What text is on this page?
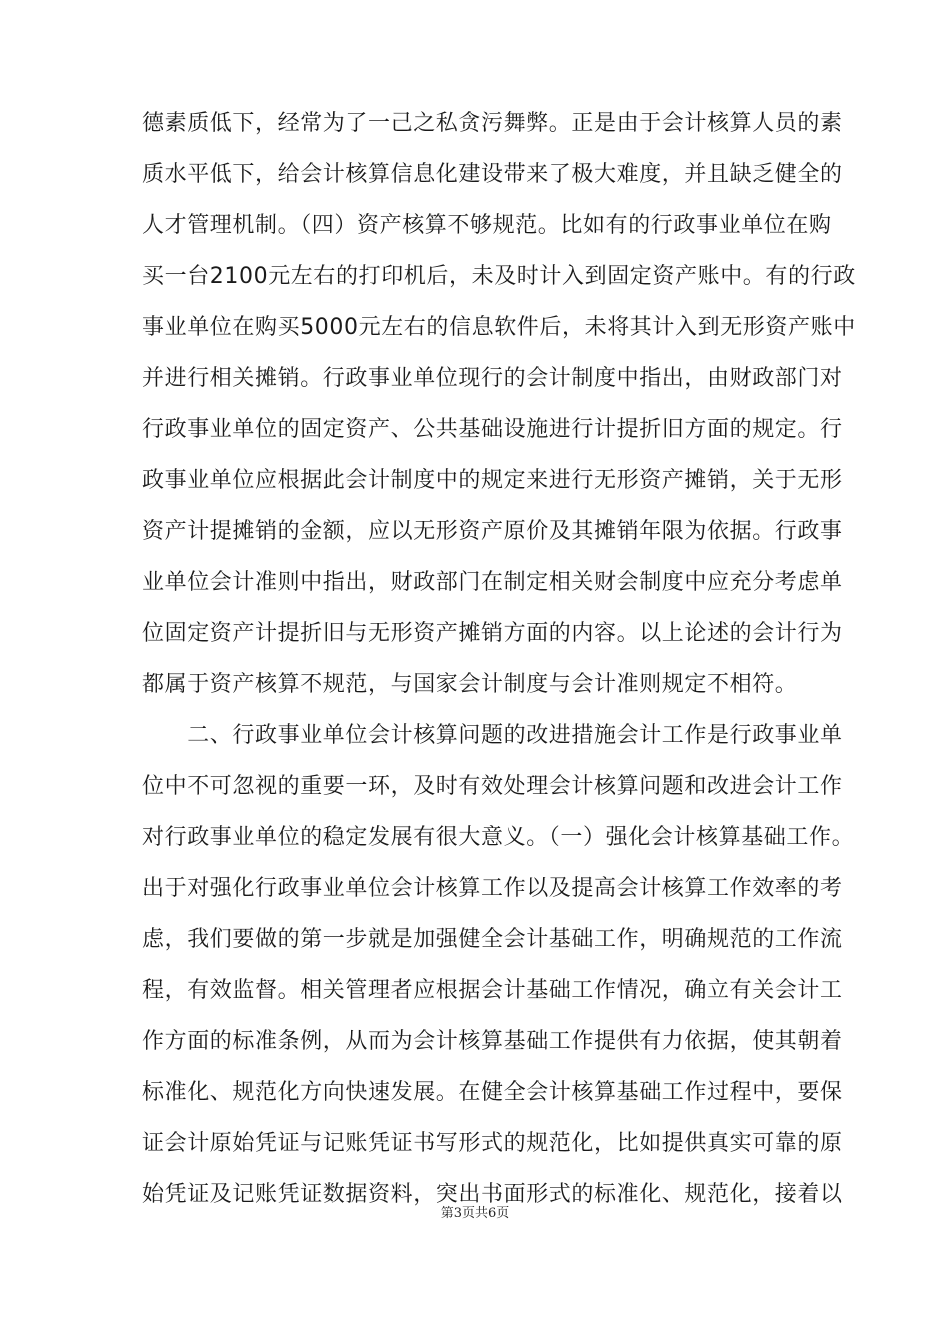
德素质低下，经常为了一己之私贪污舞弊。正是由于会计核算人员的素
质水平低下，给会计核算信息化建设带来了极大难度，并且缺乏健全的
人才管理机制。（四）资产核算不够规范。比如有的行政事业单位在购
买一台2100元左右的打印机后，未及时计入到固定资产账中。有的行政
事业单位在购买5000元左右的信息软件后，未将其计入到无形资产账中
并进行相关摊销。行政事业单位现行的会计制度中指出，由财政部门对
行政事业单位的固定资产、公共基础设施进行计提折旧方面的规定。行
政事业单位应根据此会计制度中的规定来进行无形资产摊销，关于无形
资产计提摊销的金额，应以无形资产原价及其摊销年限为依据。行政事
业单位会计准则中指出，财政部门在制定相关财会制度中应充分考虑单
位固定资产计提折旧与无形资产摊销方面的内容。以上论述的会计行为
都属于资产核算不规范，与国家会计制度与会计准则规定不相符。
　　二、行政事业单位会计核算问题的改进措施会计工作是行政事业单
位中不可忽视的重要一环，及时有效处理会计核算问题和改进会计工作
对行政事业单位的稳定发展有很大意义。（一）强化会计核算基础工作。
出于对强化行政事业单位会计核算工作以及提高会计核算工作效率的考
虑，我们要做的第一步就是加强健全会计基础工作，明确规范的工作流
程，有效监督。相关管理者应根据会计基础工作情况，确立有关会计工
作方面的标准条例，从而为会计核算基础工作提供有力依据，使其朝着
标准化、规范化方向快速发展。在健全会计核算基础工作过程中，要保
证会计原始凭证与记账凭证书写形式的规范化，比如提供真实可靠的原
始凭证及记账凭证数据资料，突出书面形式的标准化、规范化，接着以
第3页共6页
